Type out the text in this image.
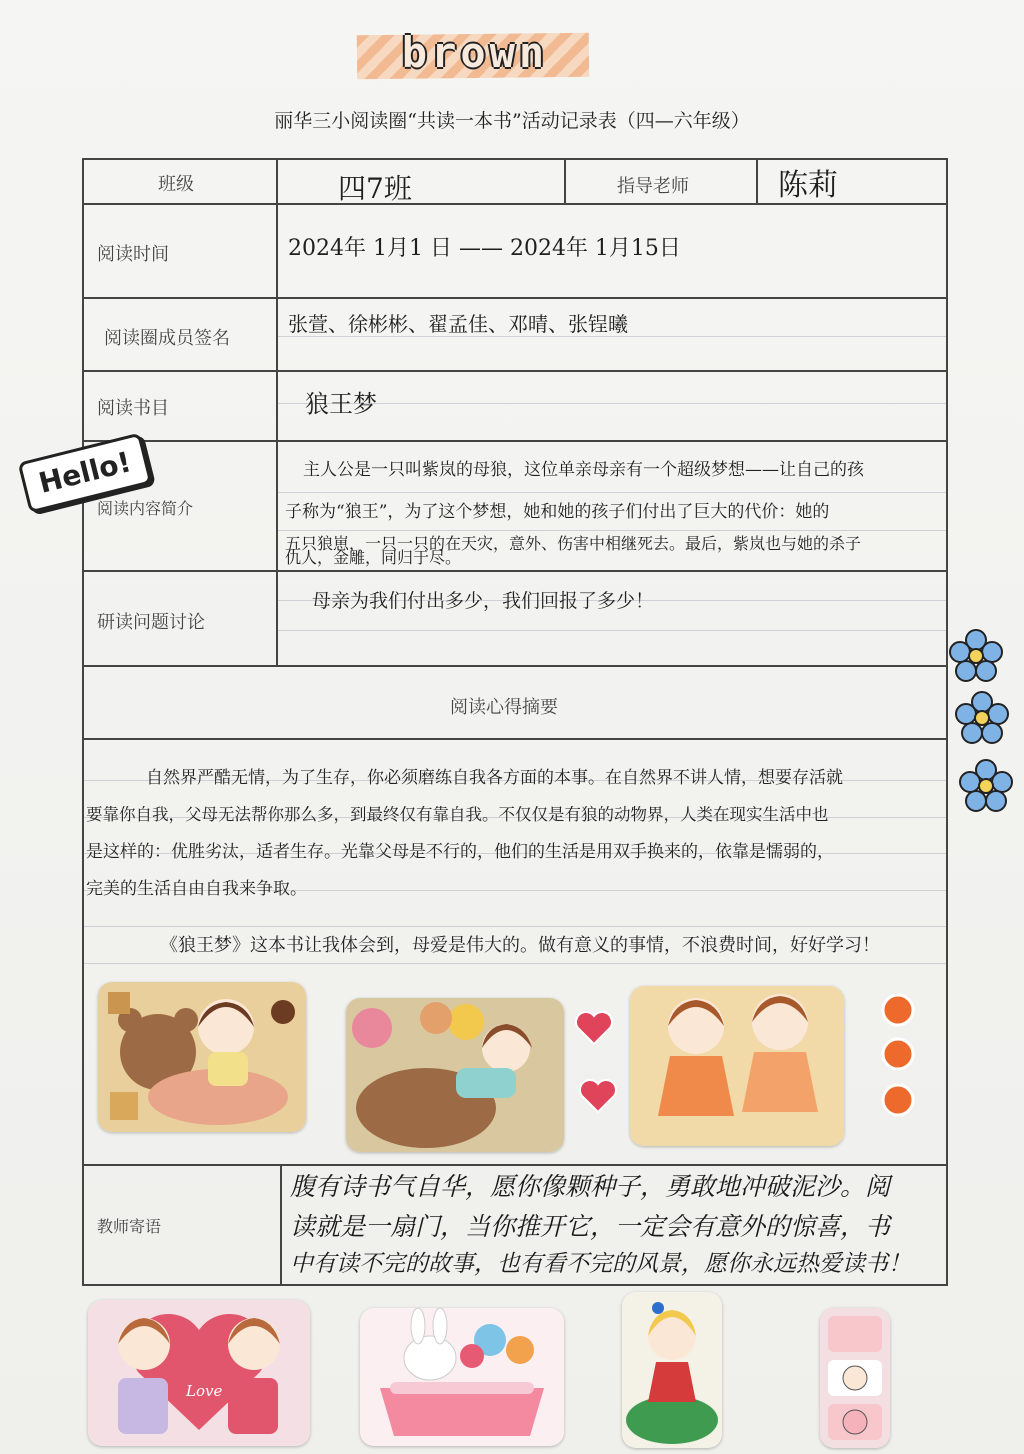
brown
丽华三小阅读圈“共读一本书”活动记录表（四—六年级）
班级	指导老师
阅读时间
阅读圈成员签名
阅读书目
阅读内容简介
研读问题讨论
阅读心得摘要
教师寄语
四7班	陈莉
2024年 1月1 日 —— 2024年 1月15日
张萱、徐彬彬、翟孟佳、邓晴、张锃曦
狼王梦
主人公是一只叫紫岚的母狼，这位单亲母亲有一个超级梦想——让自己的孩
子称为“狼王”，为了这个梦想，她和她的孩子们付出了巨大的代价：她的
五只狼崽，一只一只的在天灾，意外、伤害中相继死去。最后，紫岚也与她的杀子
仇人，金雕，同归于尽。
母亲为我们付出多少，我们回报了多少！
自然界严酷无情，为了生存，你必须磨练自我各方面的本事。在自然界不讲人情，想要存活就
要靠你自我，父母无法帮你那么多，到最终仅有靠自我。不仅仅是有狼的动物界，人类在现实生活中也
是这样的：优胜劣汰，适者生存。光靠父母是不行的，他们的生活是用双手换来的，依靠是懦弱的，
完美的生活自由自我来争取。
《狼王梦》这本书让我体会到，母爱是伟大的。做有意义的事情，不浪费时间，好好学习！
腹有诗书气自华，愿你像颗种子，勇敢地冲破泥沙。阅
读就是一扇门，当你推开它，一定会有意外的惊喜，书
中有读不完的故事，也有看不完的风景，愿你永远热爱读书！
Hello!
Love
